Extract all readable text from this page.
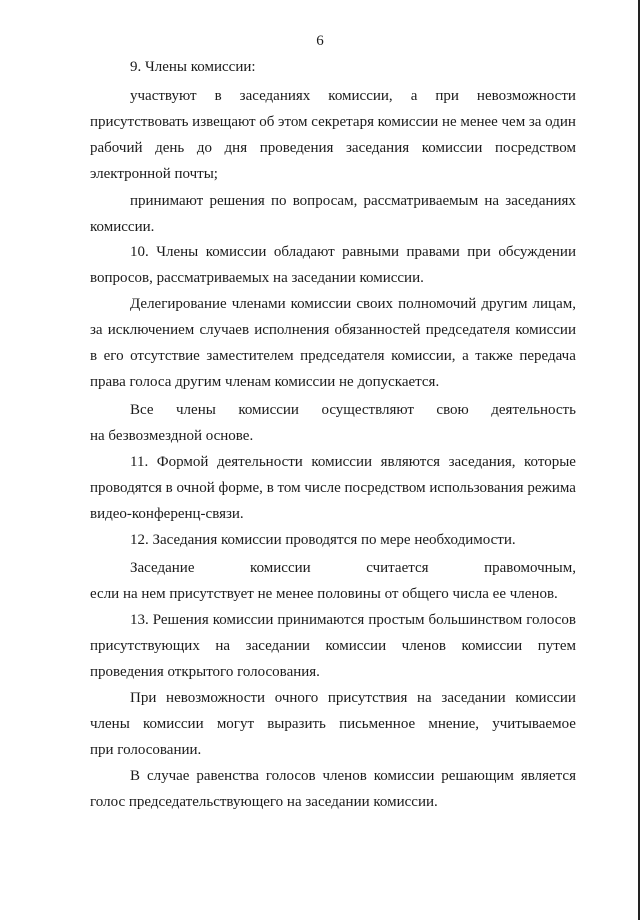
6
9. Члены комиссии:
участвуют в заседаниях комиссии, а при невозможности
присутствовать извещают об этом секретаря комиссии не менее чем за один
рабочий день до дня проведения заседания комиссии посредством
электронной почты;
принимают решения по вопросам, рассматриваемым на заседаниях
комиссии.
10. Члены комиссии обладают равными правами при обсуждении
вопросов, рассматриваемых на заседании комиссии.
Делегирование членами комиссии своих полномочий другим лицам,
за исключением случаев исполнения обязанностей председателя комиссии
в его отсутствие заместителем председателя комиссии, а также передача
права голоса другим членам комиссии не допускается.
Все члены комиссии осуществляют свою деятельность
на безвозмездной основе.
11. Формой деятельности комиссии являются заседания, которые
проводятся в очной форме, в том числе посредством использования режима
видео-конференц-связи.
12. Заседания комиссии проводятся по мере необходимости.
Заседание	комиссии	считается	правомочным,
если на нем присутствует не менее половины от общего числа ее членов.
13. Решения комиссии принимаются простым большинством голосов
присутствующих на заседании комиссии членов комиссии путем
проведения открытого голосования.
При невозможности очного присутствия на заседании комиссии
члены комиссии могут выразить письменное мнение, учитываемое
при голосовании.
В случае равенства голосов членов комиссии решающим является
голос председательствующего на заседании комиссии.
